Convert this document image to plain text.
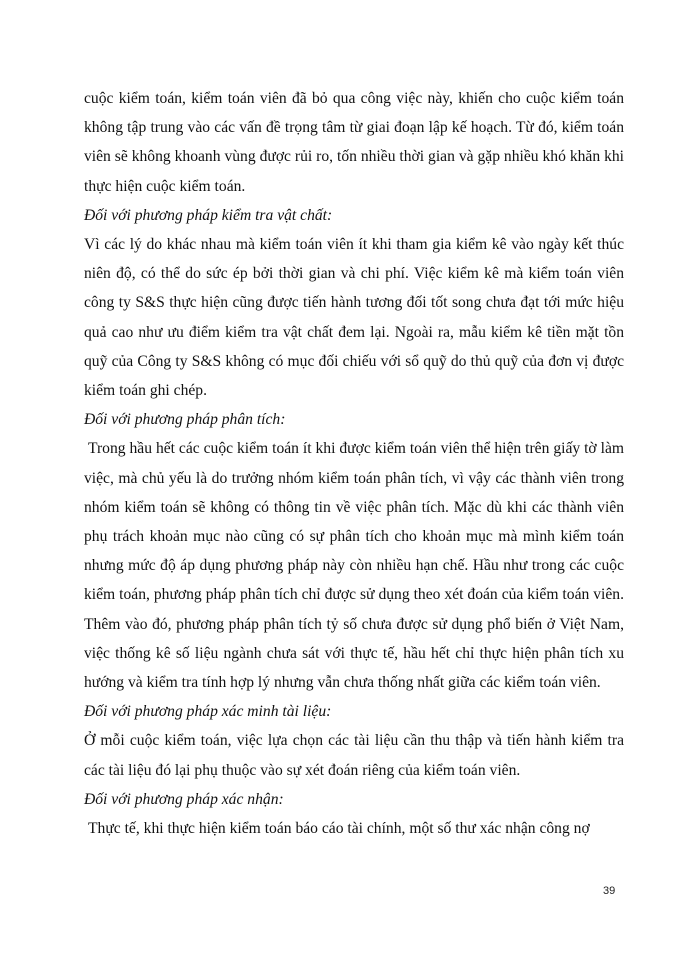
cuộc kiểm toán, kiểm toán viên đã bỏ qua công việc này, khiến cho cuộc kiểm toán không tập trung vào các vấn đề trọng tâm từ giai đoạn lập kế hoạch. Từ đó, kiểm toán viên sẽ không khoanh vùng được rủi ro, tốn nhiều thời gian và gặp nhiều khó khăn khi thực hiện cuộc kiểm toán.

Đối với phương pháp kiểm tra vật chất:

Vì các lý do khác nhau mà kiểm toán viên ít khi tham gia kiểm kê vào ngày kết thúc niên độ, có thể do sức ép bởi thời gian và chi phí. Việc kiểm kê mà kiểm toán viên công ty S&S thực hiện cũng được tiến hành tương đối tốt song chưa đạt tới mức hiệu quả cao như ưu điểm kiểm tra vật chất đem lại. Ngoài ra, mẫu kiểm kê tiền mặt tồn quỹ của Công ty S&S không có mục đối chiếu với sổ quỹ do thủ quỹ của đơn vị được kiểm toán ghi chép.

Đối với phương pháp phân tích:

Trong hầu hết các cuộc kiểm toán ít khi được kiểm toán viên thể hiện trên giấy tờ làm việc, mà chủ yếu là do trưởng nhóm kiểm toán phân tích, vì vậy các thành viên trong nhóm kiểm toán sẽ không có thông tin về việc phân tích. Mặc dù khi các thành viên phụ trách khoản mục nào cũng có sự phân tích cho khoản mục mà mình kiểm toán nhưng mức độ áp dụng phương pháp này còn nhiều hạn chế. Hầu như trong các cuộc kiểm toán, phương pháp phân tích chỉ được sử dụng theo xét đoán của kiểm toán viên. Thêm vào đó, phương pháp phân tích tỷ số chưa được sử dụng phổ biến ở Việt Nam, việc thống kê số liệu ngành chưa sát với thực tế, hầu hết chỉ thực hiện phân tích xu hướng và kiểm tra tính hợp lý nhưng vẫn chưa thống nhất giữa các kiểm toán viên.

Đối với phương pháp xác minh tài liệu:

Ở mỗi cuộc kiểm toán, việc lựa chọn các tài liệu cần thu thập và tiến hành kiểm tra các tài liệu đó lại phụ thuộc vào sự xét đoán riêng của kiểm toán viên.

Đối với phương pháp xác nhận:

Thực tế, khi thực hiện kiểm toán báo cáo tài chính, một số thư xác nhận công nợ

39
